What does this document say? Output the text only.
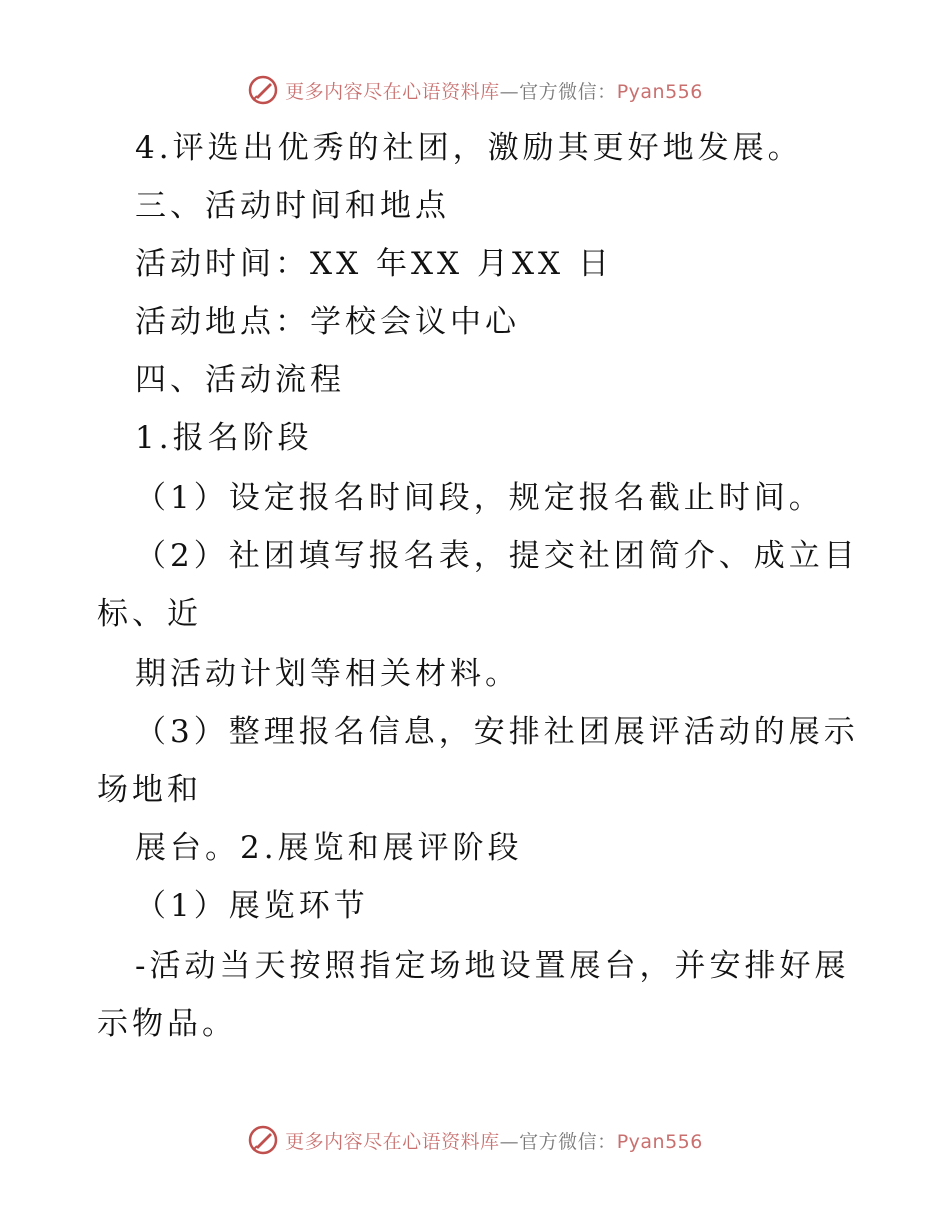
更多内容尽在心语资料库—官方微信：Pyan556
4.评选出优秀的社团，激励其更好地发展。
三、活动时间和地点
活动时间：XX 年XX 月XX 日
活动地点：学校会议中心
四、活动流程
1.报名阶段
（1）设定报名时间段，规定报名截止时间。
（2）社团填写报名表，提交社团简介、成立目
标、近
期活动计划等相关材料。
（3）整理报名信息，安排社团展评活动的展示
场地和
展台。2.展览和展评阶段
（1）展览环节
-活动当天按照指定场地设置展台，并安排好展
示物品。
更多内容尽在心语资料库—官方微信：Pyan556
